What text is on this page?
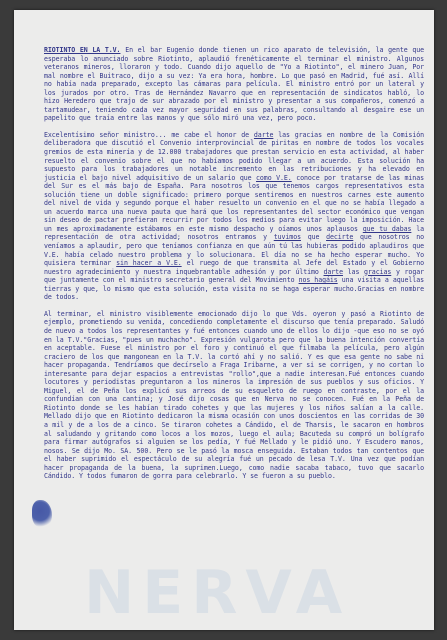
NERVA

RIOTINTO EN LA T.V. En el bar Eugenio donde tienen un rico aparato de televisión, la gente que esperaba lo anunciado sobre Riotinto, aplaudió frenéticamente el terminar el ministro. Algunos veteranos mineros, lloraron y todo. Cuando dijo aquello de "Yo a Riotinto", el minero Juan, Por mal nombre el Buitraco, dijo a su vez: Ya era hora, hombre. Lo que pasó en Madrid, fué así. Allí no había nada preparado, excepto las cámaras para película. El ministro entró por un lateral y los jurados por otro. Tras de Hernández Navarro que en representación de sindicatos habló, lo hizo Heredero que trajo de sur abrazado por el ministro y presentar a sus compañeros, comenzó a tartamudear, teniendo cada vez mayor seguridad en sus palabras, consultando al desgaire ese un papelito que traía entre las manos y que sólo miró una vez, pero poco.

Excelentísimo señor ministro... me cabe el honor de darte las gracias en nombre de la Comisión deliberadora que discutió el Convenio interprovincial de piritas en nombre de todos los vocales gremios de esta minería y de 12.000 trabajadores que prestan servicio en esta actividad, al haber resuelto el convenio sobre el que no habíamos podido llegar a un acuerdo. Esta solución ha supuesto para los trabajadores un notable incremento en las retribuciones y ha elevado en justicia el bajo nivel adquisitivo de un salario que como V.E. conoce por tratarse de las minas del Sur es el más bajo de España. Para nosotros los que tenemos cargos representativos esta solución tiene un doble significado: primero porque sentiremos en nuestros carnes este aumento del nivel de vida y segundo porque el haber resuelto un convenio en el que no se había llegado a un acuerdo marca una nueva pauta que hará que los representantes del sector económico que vengan sin deseo de pactar prefieran recurrir por todos los medios para evitar luego la imposición. Hace un mes aproximadamente estábamos en este mismo despacho y oíamos unos aplausos que tu dabas la representación de otra actividad; nosotros entramos y tuvimos que decirte que nosotros no veníamos a aplaudir, pero que teníamos confianza en que aún tú las hubieras podido aplaudiros que V.E. había celado nuestro problema y lo solucionara. El día no se ha hecho esperar mucho. Yo quisiera terminar sin hacer a V.E. el ruego de que transmita al Jefe del Estado y el Gobierno nuestro agradecimiento y nuestra inquebrantable adhesión y por último darte las gracias y rogar que juntamente con el ministro secretario general del Movimiento nos hagáis una visita a aquellas tierras y que, lo mismo que esta solución, esta visita no se haga esperar mucho.Gracias en nombre de todos.

Al terminar, el ministro visiblemente emocionado dijo lo que Vds. oyeron y pasó a Riotinto de ejemplo, prometiendo su venida, concediendo completamente el discurso que tenía preparado. Saludó de nuevo a todos los representantes y fué entonces cuando uno de ellos lo dijo -que eso no se oyó en la T.V."Gracias, "pues un muchacho". Expresión vulgarota pero que la buena intención convertía en aceptable. Fuese el ministro por el foro y continuó el que filmaba la película, pero algún craciero de los que mangonean en la T.V. la cortó ahí y no salió. Y es que esa gente no sabe ni hacer propaganda. Tendríamos que decírselo a Fraga Iribarne, a ver si se corrigen, y no cortan lo interesante para dejar espacios a entrevistas "rollo",que a nadie interesan.Fué entonces cuando locutores y periodistas preguntaron a los mineros la impresión de sus pueblos y sus oficios. Y Miguel, el de Peña los explicó sus arreos de su esqueleto de ruego en contraste, por el la confundían con una cantina; y José dijo cosas que en Nerva no se conocen. Fué en la Peña de Riotinto donde se les habían tirado cohetes y que las mujeres y los niños salían a la calle. Mellado dijo que en Riotinto dedicaron la misma ocasión con unos doscientos en las corridas de 30 a mil y de a los de a cinco. Se tiraron cohetes a Cándido, el de Tharsis, le sacaron en hombros al saludando y gritando como locos a los mozos, luego el aula; Bacuteda su compró un bolígrafo para firmar autógrafos si alguien se los pedía, Y fué Mellado y le pidió uno. Y Escudero manos, nosos. Se dijo Mo. SA. 500. Pero se le pasó la mosca enseguida. Estaban todos tan contentos que el haber suprimido el espectáculo de su alegría fué un pecado de lesa T.V. Una vez que podían hacer propaganda de la buena, la suprimen.Luego, como nadie sacaba tabaco, tuvo que sacarlo Cándido. Y todos fumaron de gorra para celebrarlo. Y se fueron a su pueblo.
